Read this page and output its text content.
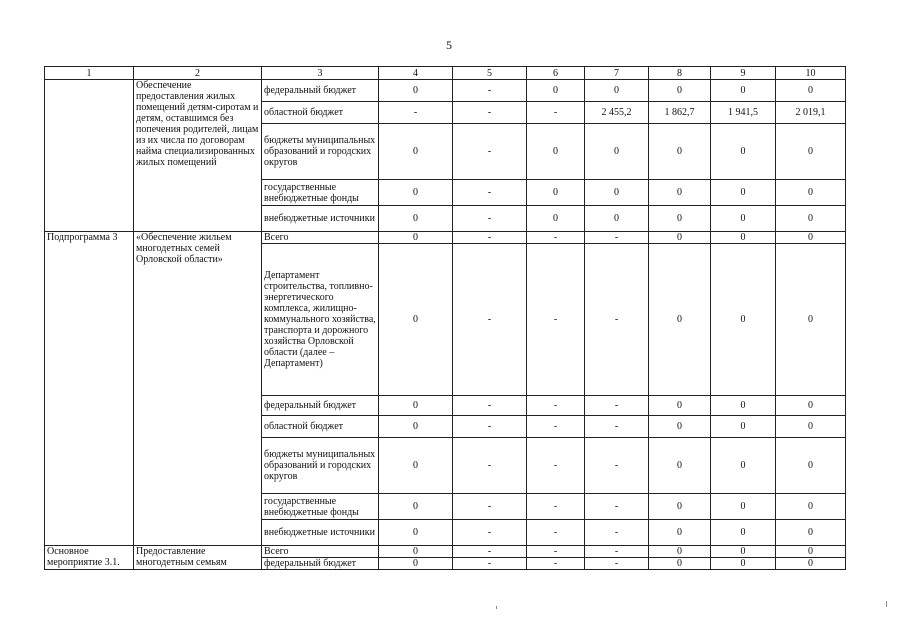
5
1	2	3	4	5	6	7	8	9	10
	Обеспечение предоставления жилых помещений детям-сиротам и детям, оставшимся без попечения родителей, лицам из их числа по договорам найма специализированных жилых помещений	федеральный бюджет	0	-	0	0	0	0	0
		областной бюджет	-	-	-	2 455,2	1 862,7	1 941,5	2 019,1
		бюджеты муниципальных образований и городских округов	0	-	0	0	0	0	0
		государственные внебюджетные фонды	0	-	0	0	0	0	0
		внебюджетные источники	0	-	0	0	0	0	0
Подпрограмма 3	«Обеспечение жильем многодетных семей Орловской области»	Всего	0	-	-	-	0	0	0
		Департамент строительства, топливно-энергетического комплекса, жилищно-коммунального хозяйства, транспорта и дорожного хозяйства Орловской области (далее – Департамент)	0	-	-	-	0	0	0
		федеральный бюджет	0	-	-	-	0	0	0
		областной бюджет	0	-	-	-	0	0	0
		бюджеты муниципальных образований и городских округов	0	-	-	-	0	0	0
		государственные внебюджетные фонды	0	-	-	-	0	0	0
		внебюджетные источники	0	-	-	-	0	0	0
Основное мероприятие 3.1.	Предоставление многодетным семьям	Всего	0	-	-	-	0	0	0
		федеральный бюджет	0	-	-	-	0	0	0
